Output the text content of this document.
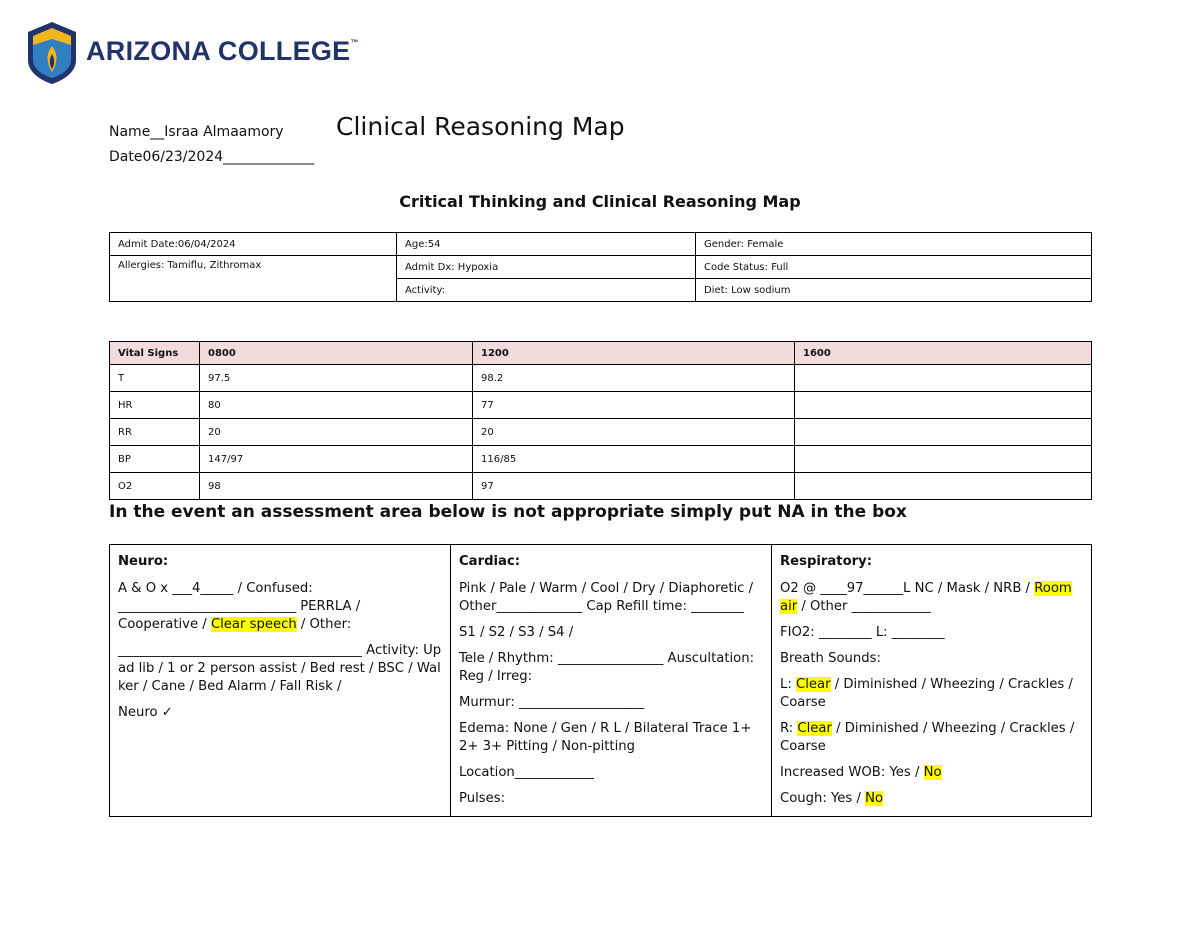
ARIZONA COLLEGE™
Name__Israa Almaamory
Date06/23/2024_____________
Clinical Reasoning Map
Critical Thinking and Clinical Reasoning Map
Admit Date:06/04/2024	Age:54	Gender: Female
Allergies: Tamiflu, Zithromax	Admit Dx: Hypoxia	Code Status: Full
	Activity:	Diet: Low sodium
Vital Signs	0800	1200	1600
T	97.5	98.2	
HR	80	77	
RR	20	20	
BP	147/97	116/85	
O2	98	97	
In the event an assessment area below is not appropriate simply put NA in the box

Neuro:

A & O x ___4_____ / Confused: ___________________________ PERRLA / Cooperative / Clear speech / Other:

_____________________________________ Activity: Up ad lib / 1 or 2 person assist / Bed rest / BSC / Walker / Cane / Bed Alarm / Fall Risk /

Neuro ✓

Cardiac:

Pink / Pale / Warm / Cool / Dry / Diaphoretic / Other_____________ Cap Refill time: ________

S1 / S2 / S3 / S4 /

Tele / Rhythm: ________________ Auscultation: Reg / Irreg:

Murmur: ___________________

Edema: None / Gen / R L / Bilateral Trace 1+ 2+ 3+ Pitting / Non-pitting

Location____________

Pulses:

Respiratory:

O2 @ ____97______L NC / Mask / NRB / Room air / Other ____________

FIO2: ________ L: ________

Breath Sounds:

L: Clear / Diminished / Wheezing / Crackles / Coarse

R: Clear / Diminished / Wheezing / Crackles / Coarse

Increased WOB: Yes / No

Cough: Yes / No
